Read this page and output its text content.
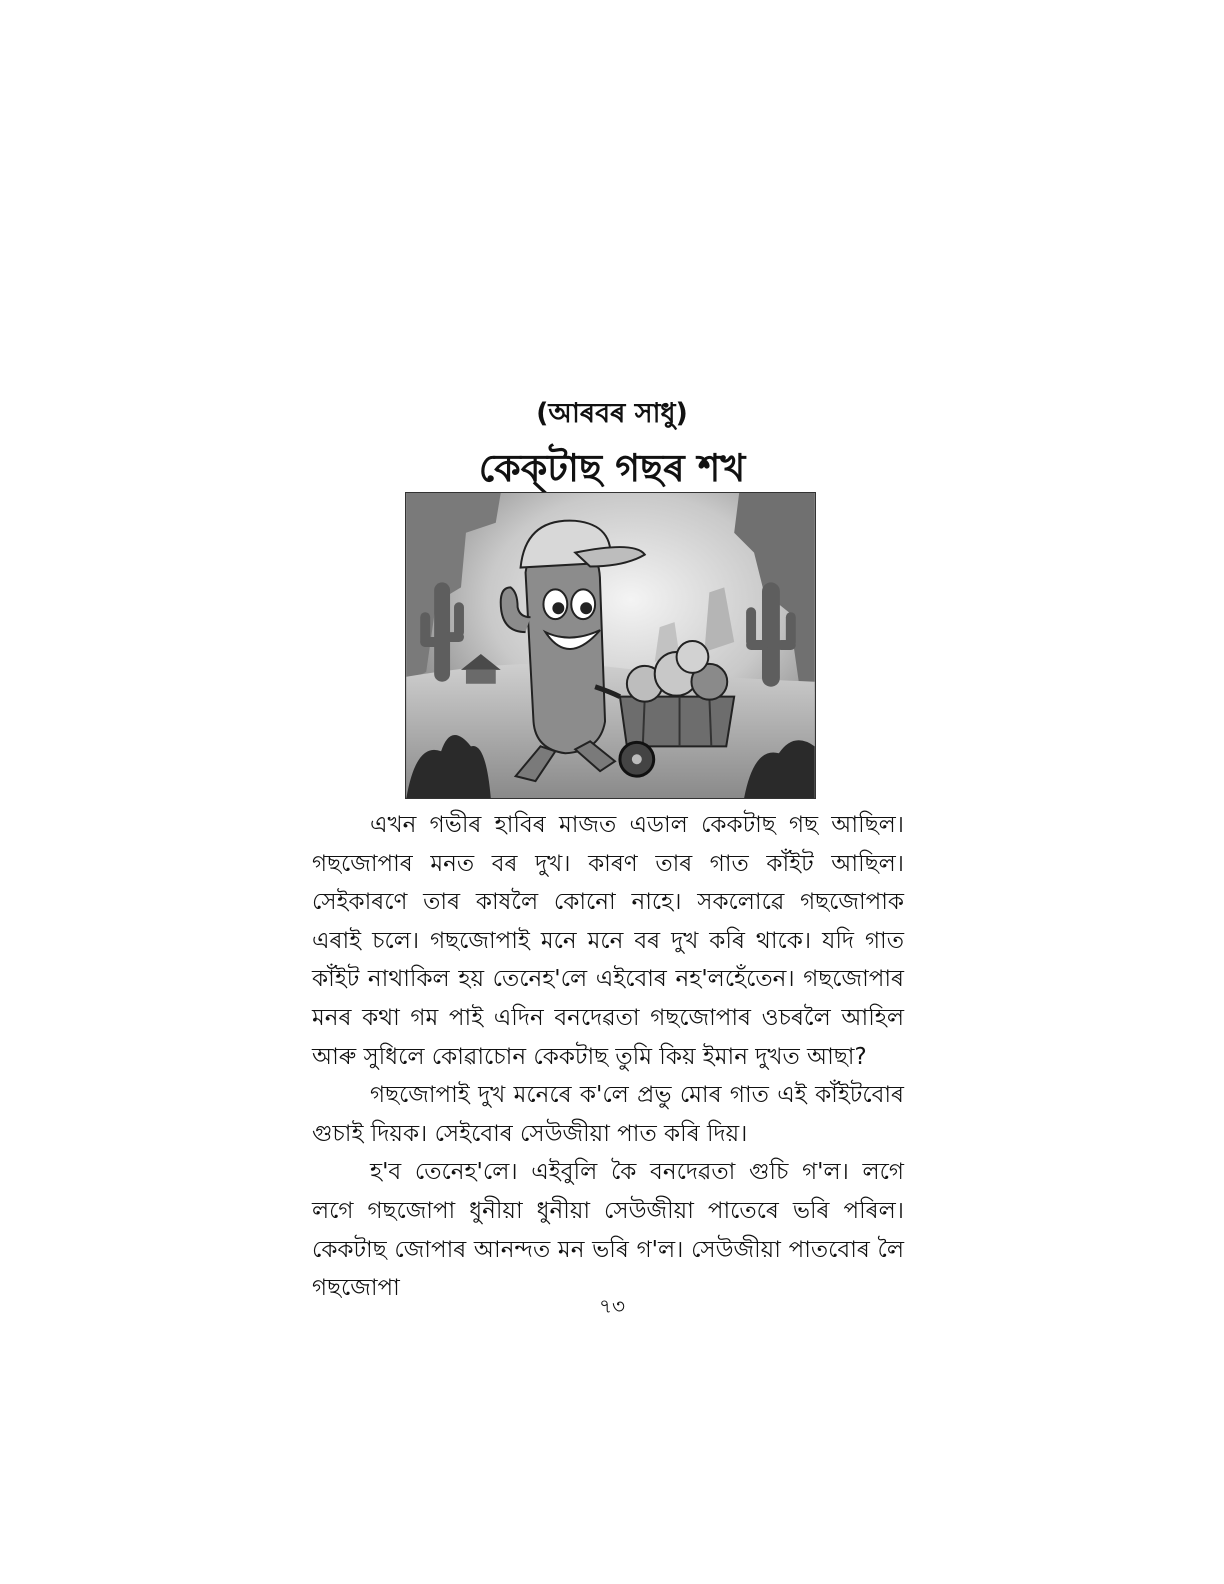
(আৰবৰ সাধু)
কেক্‌টাছ গছৰ শখ

এখন গভীৰ হাবিৰ মাজত এডাল কেকটাছ গছ আছিল। গছজোপাৰ মনত বৰ দুখ। কাৰণ তাৰ গাত কাঁইট আছিল। সেইকাৰণে তাৰ কাষলৈ কোনো নাহে। সকলোৱে গছজোপাক এৰাই চলে। গছজোপাই মনে মনে বৰ দুখ কৰি থাকে। যদি গাত কাঁইট নাথাকিল হয় তেনেহ'লে এইবোৰ নহ'লহেঁতেন। গছজোপাৰ মনৰ কথা গম পাই এদিন বনদেৱতা গছজোপাৰ ওচৰলৈ আহিল আৰু সুধিলে কোৱাচোন কেকটাছ তুমি কিয় ইমান দুখত আছা?

গছজোপাই দুখ মনেৰে ক'লে প্ৰভু মোৰ গাত এই কাঁইটবোৰ গুচাই দিয়ক। সেইবোৰ সেউজীয়া পাত কৰি দিয়।

হ'ব তেনেহ'লে। এইবুলি কৈ বনদেৱতা গুচি গ'ল। লগে লগে গছজোপা ধুনীয়া ধুনীয়া সেউজীয়া পাতেৰে ভৰি পৰিল। কেকটাছ জোপাৰ আনন্দত মন ভৰি গ'ল। সেউজীয়া পাতবোৰ লৈ গছজোপা

৭৩
